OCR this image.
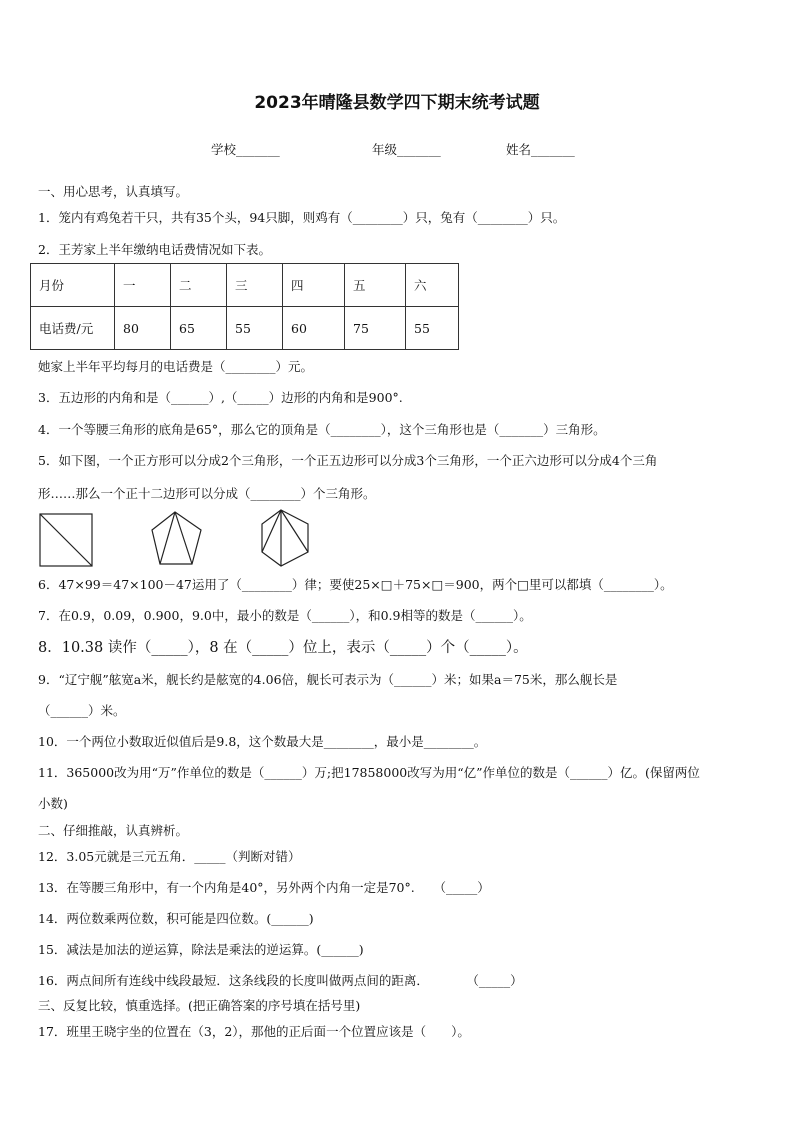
2023年晴隆县数学四下期末统考试题
学校_______	年级_______	姓名_______
一、用心思考，认真填写。
1．笼内有鸡兔若干只，共有35个头，94只脚，则鸡有（________）只，兔有（________）只。
2．王芳家上半年缴纳电话费情况如下表。
月份	一	二	三	四	五	六
电话费/元	80	65	55	60	75	55
她家上半年平均每月的电话费是（________）元。
3．五边形的内角和是（______）,（_____）边形的内角和是900°.
4．一个等腰三角形的底角是65°，那么它的顶角是（________），这个三角形也是（_______）三角形。
5．如下图，一个正方形可以分成2个三角形，一个正五边形可以分成3个三角形，一个正六边形可以分成4个三角
形……那么一个正十二边形可以分成（________）个三角形。
6．47×99＝47×100－47运用了（________）律；要使25×□＋75×□＝900，两个□里可以都填（________）。
7．在0.9，0.09，0.900，9.0中，最小的数是（______），和0.9相等的数是（______）。
8．10.38 读作（_____），8 在（_____）位上，表示（_____）个（_____）。
9．“辽宁舰”舷宽a米，舰长约是舷宽的4.06倍，舰长可表示为（______）米；如果a＝75米，那么舰长是
（______）米。
10．一个两位小数取近似值后是9.8，这个数最大是________，最小是________。
11．365000改为用“万”作单位的数是（______）万;把17858000改写为用“亿”作单位的数是（______）亿。(保留两位
小数)
二、仔细推敲，认真辨析。
12．3.05元就是三元五角．_____（判断对错）
13．在等腰三角形中，有一个内角是40°，另外两个内角一定是70°.　　（_____）
14．两位数乘两位数，积可能是四位数。(______)
15．减法是加法的逆运算，除法是乘法的逆运算。(______)
16．两点间所有连线中线段最短．这条线段的长度叫做两点间的距离．　　　　（_____）
三、反复比较，慎重选择。(把正确答案的序号填在括号里)
17．班里王晓宇坐的位置在（3，2），那他的正后面一个位置应该是（　　）。
